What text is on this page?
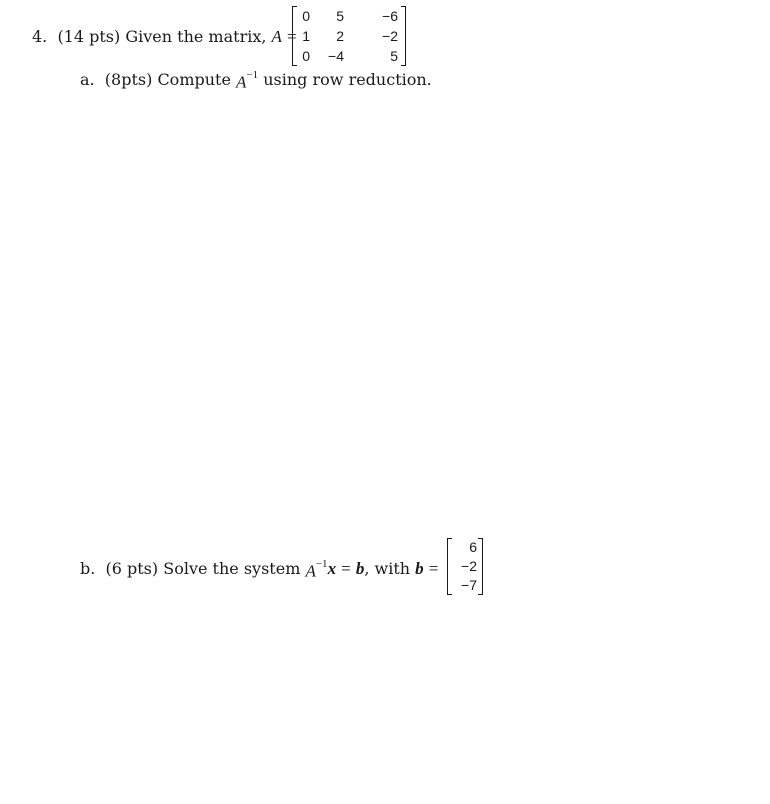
4.
(14 pts)
Given the matrix,
A
=
0	5	−6
1	2	−2
0	−4	5
a.
(8pts)
Compute
$A^{-1}$
using row reduction.
b.
(6 pts)
Solve the system
$A^{-1}$ x
=
b , with
b
=
6
−2
−7
